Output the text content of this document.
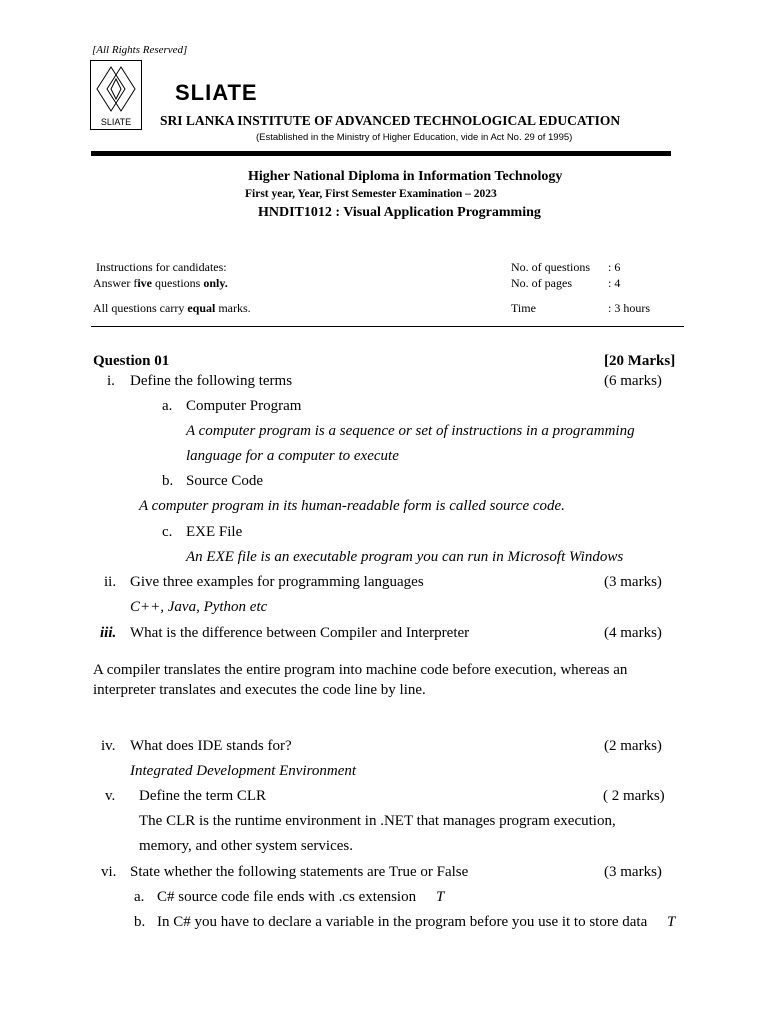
[All Rights Reserved]
SLIATE
SLIATE
SRI LANKA INSTITUTE OF ADVANCED TECHNOLOGICAL EDUCATION
(Established in the Ministry of Higher Education, vide in Act No. 29 of 1995)
Higher National Diploma in Information Technology
First year, Year, First Semester Examination – 2023
HNDIT1012 : Visual Application Programming
Instructions for candidates:
Answer five questions only.
All questions carry equal marks.
No. of questions : 6
No. of pages	: 4
Time	: 3 hours
Question 01	[20 Marks]
i. Define the following terms	(6 marks)
a. Computer Program
A computer program is a sequence or set of instructions in a programming
language for a computer to execute
b. Source Code
A computer program in its human-readable form is called source code.
c. EXE File
An EXE file is an executable program you can run in Microsoft Windows
ii. Give three examples for programming languages	(3 marks)
C++, Java, Python etc
iii. What is the difference between Compiler and Interpreter	(4 marks)
A compiler translates the entire program into machine code before execution, whereas an
interpreter translates and executes the code line by line.
iv. What does IDE stands for?	(2 marks)
Integrated Development Environment
v. Define the term CLR	( 2 marks)
The CLR is the runtime environment in .NET that manages program execution,
memory, and other system services.
vi. State whether the following statements are True or False	(3 marks)
a. C# source code file ends with .cs extension T
b. In C# you have to declare a variable in the program before you use it to store data T
